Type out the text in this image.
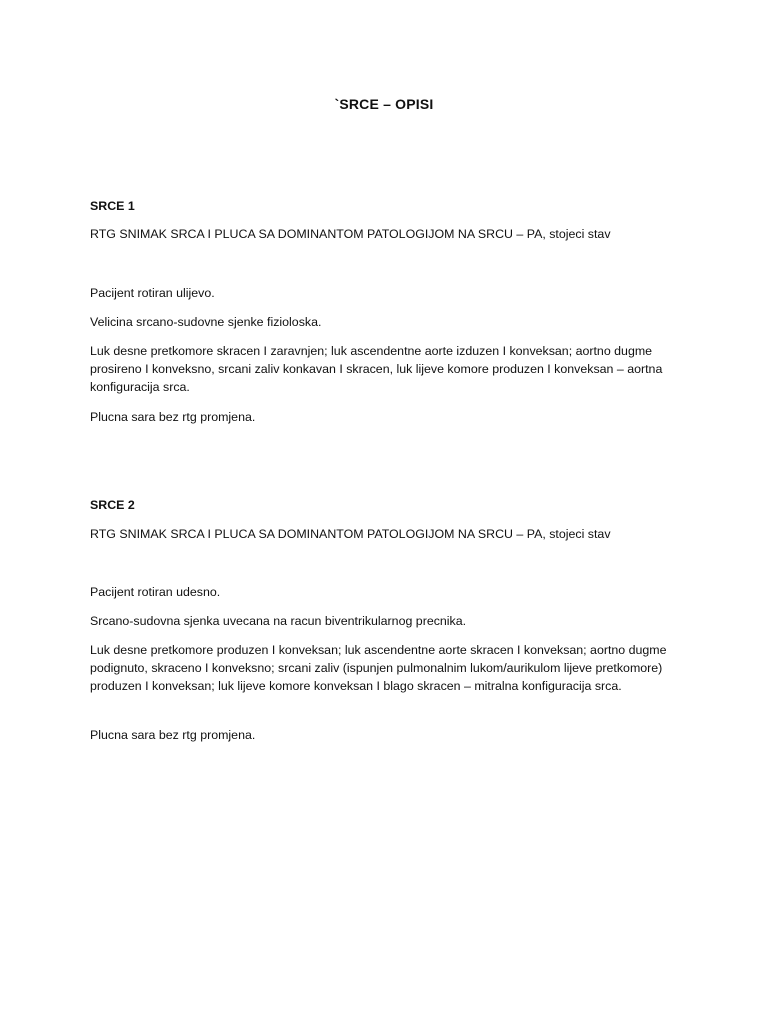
`SRCE – OPISI
SRCE 1
RTG SNIMAK SRCA I PLUCA SA DOMINANTOM PATOLOGIJOM NA SRCU – PA, stojeci stav

Pacijent rotiran ulijevo.

Velicina srcano-sudovne sjenke fizioloska.

Luk desne pretkomore skracen I zaravnjen; luk ascendentne aorte izduzen I konveksan; aortno dugme prosireno I konveksno, srcani zaliv konkavan I skracen, luk lijeve komore produzen I konveksan – aortna konfiguracija srca.

Plucna sara bez rtg promjena.

SRCE 2
RTG SNIMAK SRCA I PLUCA SA DOMINANTOM PATOLOGIJOM NA SRCU – PA, stojeci stav

Pacijent rotiran udesno.

Srcano-sudovna sjenka uvecana na racun biventrikularnog precnika.

Luk desne pretkomore produzen I konveksan; luk ascendentne aorte skracen I konveksan; aortno dugme podignuto, skraceno I konveksno; srcani zaliv (ispunjen pulmonalnim lukom/aurikulom lijeve pretkomore) produzen I konveksan; luk lijeve komore konveksan I blago skracen – mitralna konfiguracija srca.

Plucna sara bez rtg promjena.
